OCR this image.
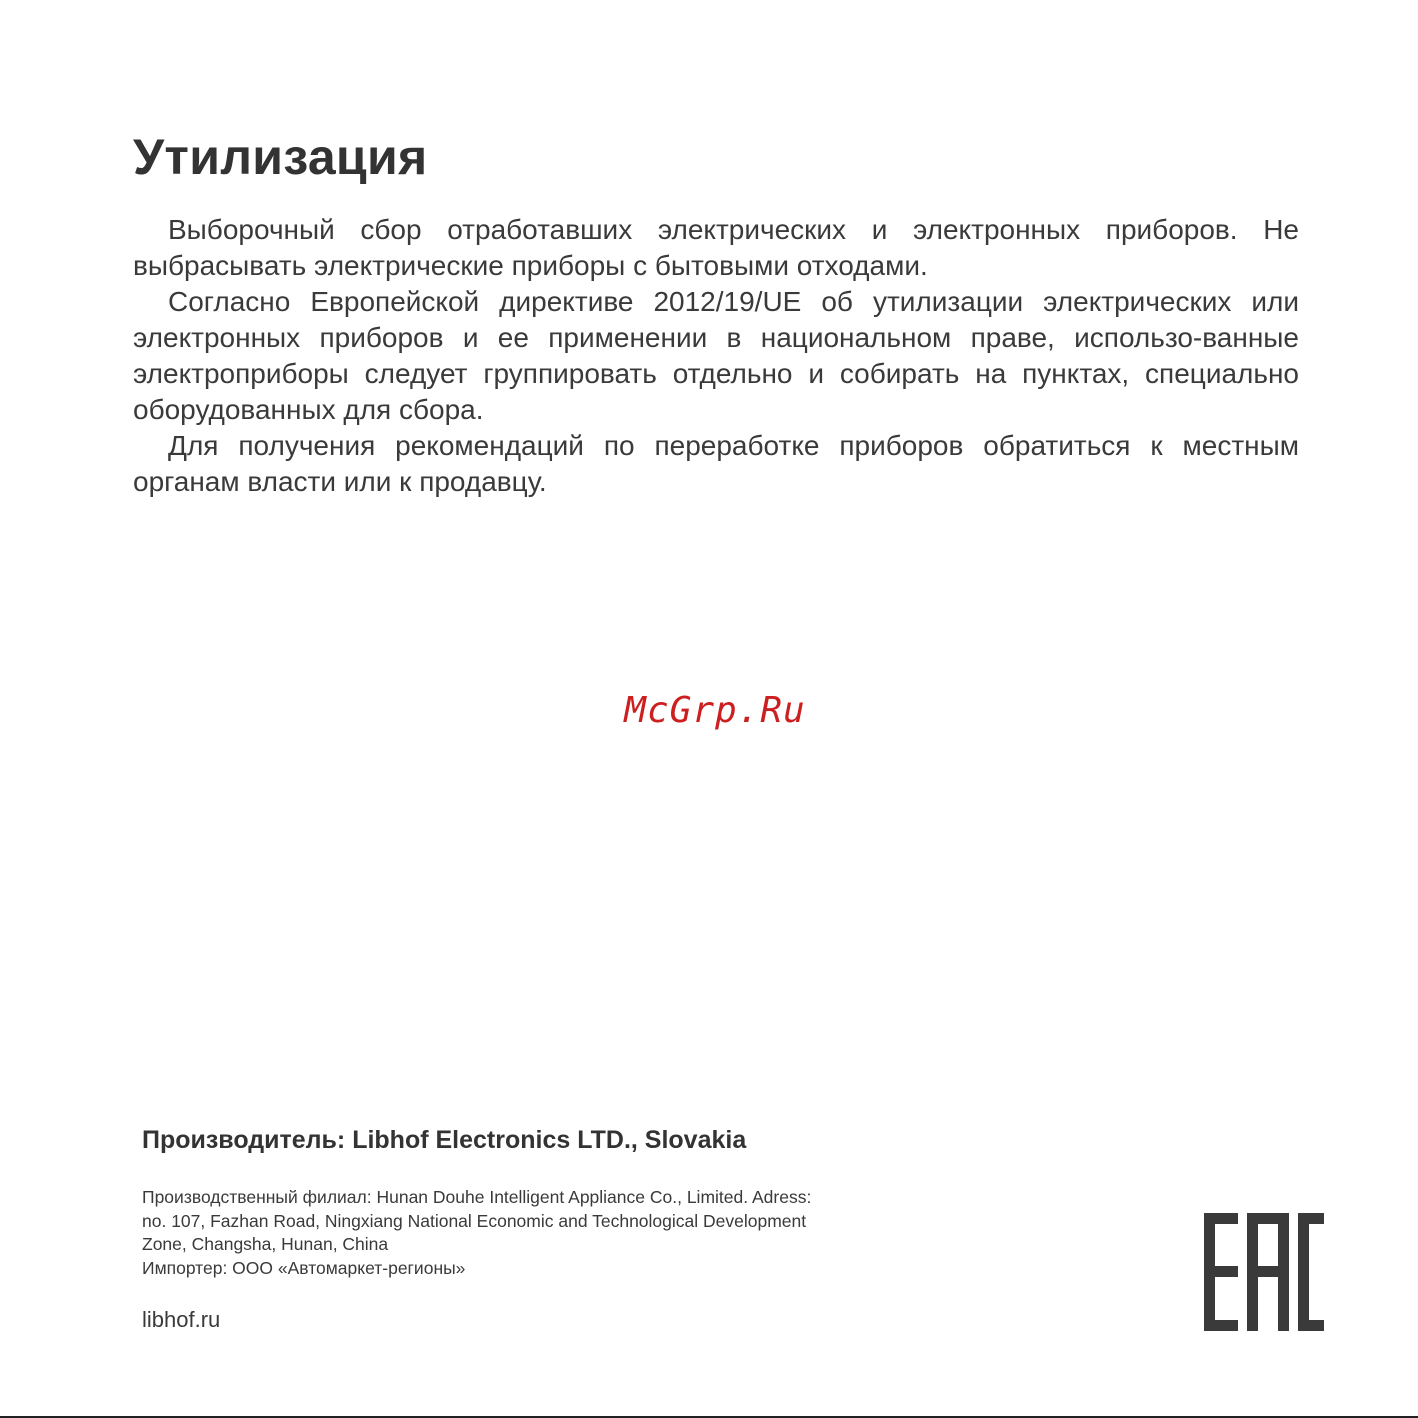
Утилизация

Выборочный сбор отработавших электрических и электронных приборов. Не выбрасывать электрические приборы с бытовыми отходами.

Согласно Европейской директиве 2012/19/UE об утилизации электрических или электронных приборов и ее применении в национальном праве, использо-ванные электроприборы следует группировать отдельно и собирать на пунктах, специально оборудованных для сбора.

Для получения рекомендаций по переработке приборов обратиться к местным органам власти или к продавцу.

McGrp.Ru
Производитель: Libhof Electronics LTD., Slovakia
Производственный филиал: Hunan Douhe Intelligent Appliance Co., Limited. Adress:
no. 107, Fazhan Road, Ningxiang National Economic and Technological Development
Zone, Changsha, Hunan, China
Импортер: ООО «Автомаркет-регионы»
libhof.ru
